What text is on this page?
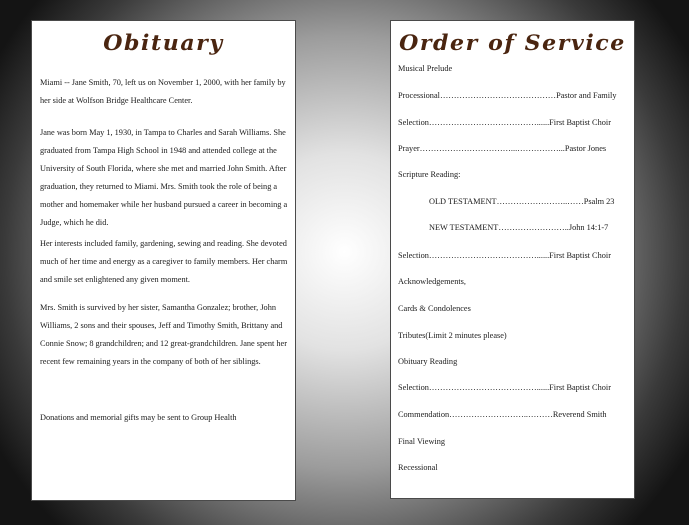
Obituary

Miami -- Jane Smith, 70, left us on November 1, 2000, with her family by her side at Wolfson Bridge Healthcare Center.

Jane was born May 1, 1930, in Tampa to Charles and Sarah Williams. She graduated from Tampa High School in 1948 and attended college at the University of South Florida, where she met and married John Smith. After graduation, they returned to Miami. Mrs. Smith took the role of being a mother and homemaker while her husband pursued a career in becoming a Judge, which he did.

Her interests included family, gardening, sewing and reading. She devoted much of her time and energy as a caregiver to family members. Her charm and smile set enlightened any given moment.

Mrs. Smith is survived by her sister, Samantha Gonzalez; brother, John Williams, 2 sons and their spouses, Jeff and Timothy Smith, Brittany and Connie Snow; 8 grandchildren; and 12 great-grandchildren. Jane spent her recent few remaining years in the company of both of her siblings.

Donations and memorial gifts may be sent to Group Health

Order of Service

Musical Prelude

Processional……………………………………Pastor and Family

Selection…………………………………......First Baptist Choir

Prayer……………………………...……………...Pastor Jones

Scripture Reading:

OLD TESTAMENT……………………..……Psalm 23

NEW TESTAMENT……………………..John 14:1-7

Selection…………………………………......First Baptist Choir

Acknowledgements,

Cards & Condolences

Tributes(Limit 2 minutes please)

Obituary Reading

Selection…………………………………......First Baptist Choir

Commendation………………………..………Reverend Smith

Final Viewing

Recessional
